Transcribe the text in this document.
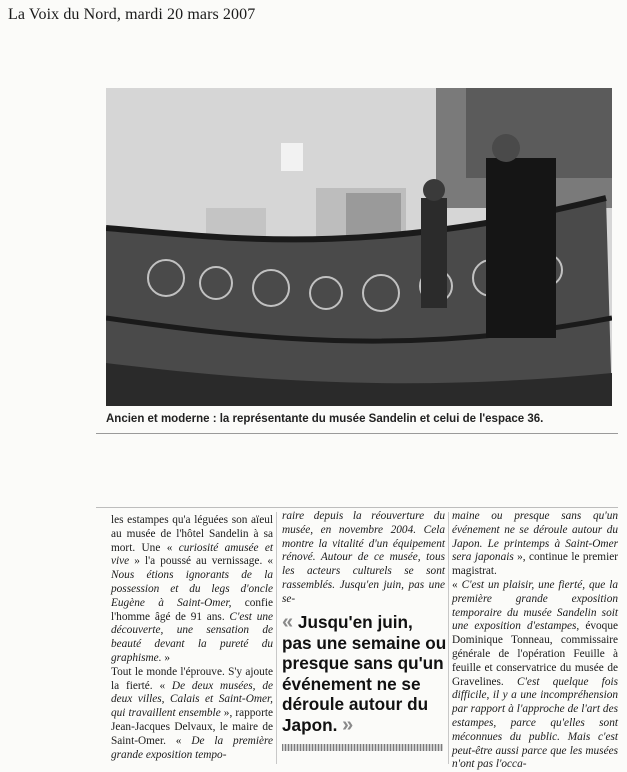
La Voix du Nord, mardi 20 mars 2007
Ancien et moderne : la représentante du musée Sandelin et celui de l'espace 36.

les estampes qu'a léguées son aïeul au musée de l'hôtel Sandelin à sa mort. Une « curiosité amusée et vive » l'a poussé au vernissage. « Nous étions ignorants de la possession et du legs d'oncle Eugène à Saint-Omer, confie l'homme âgé de 91 ans. C'est une découverte, une sensation de beauté devant la pureté du graphisme. »

Tout le monde l'éprouve. S'y ajoute la fierté. « De deux musées, de deux villes, Calais et Saint-Omer, qui travaillent ensemble », rapporte Jean-Jacques Delvaux, le maire de Saint-Omer. « De la première grande exposition tempo-

raire depuis la réouverture du musée, en novembre 2004. Cela montre la vitalité d'un équipement rénové. Autour de ce musée, tous les acteurs culturels se sont rassemblés. Jusqu'en juin, pas une se-

maine ou presque sans qu'un événement ne se déroule autour du Japon. Le printemps à Saint-Omer sera japonais », continue le premier magistrat.

« C'est un plaisir, une fierté, que la première grande exposition temporaire du musée Sandelin soit une exposition d'estampes, évoque Dominique Tonneau, commissaire générale de l'opération Feuille à feuille et conservatrice du musée de Gravelines. C'est quelque fois difficile, il y a une incompréhension par rapport à l'approche de l'art des estampes, parce qu'elles sont méconnues du public. Mais c'est peut-être aussi parce que les musées n'ont pas l'occa-

« Jusqu'en juin, pas une semaine ou presque sans qu'un événement ne se déroule autour du Japon. »
